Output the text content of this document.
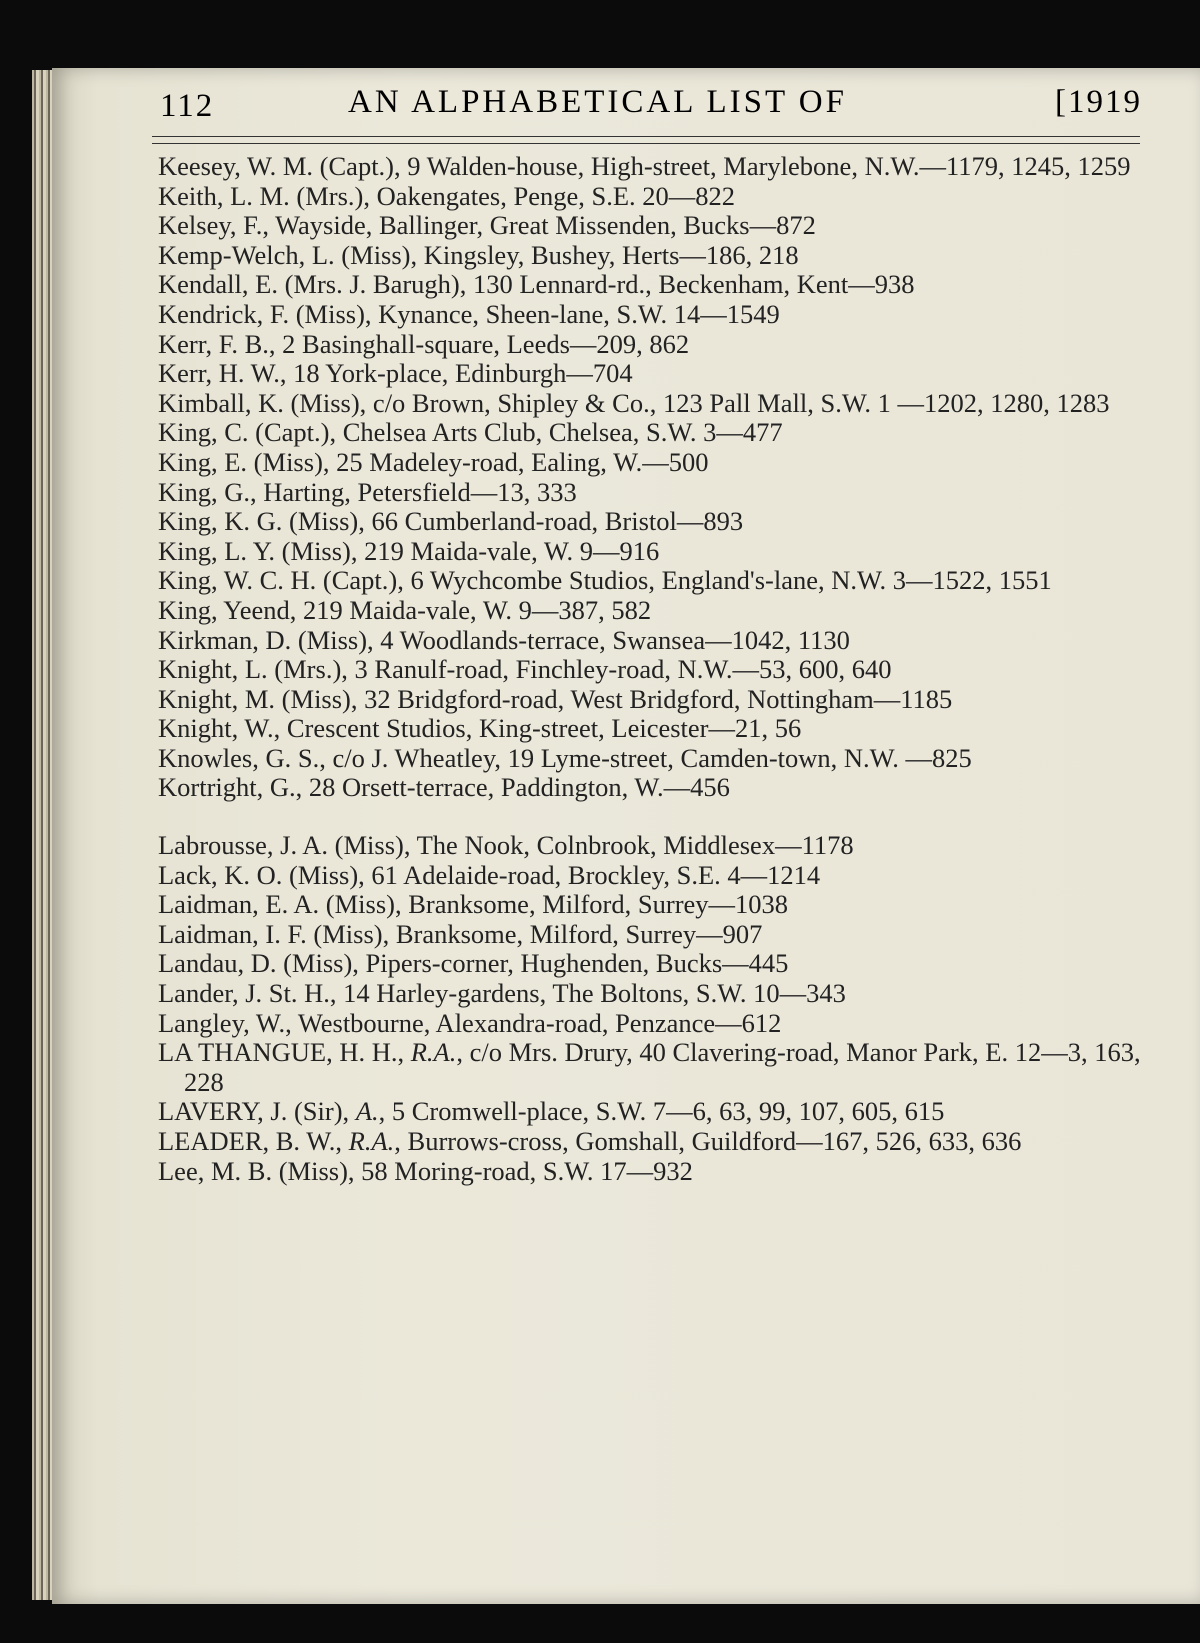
112	AN ALPHABETICAL LIST OF	[1919
Keesey, W. M. (Capt.), 9 Walden-house, High-street, Marylebone, N.W.—1179, 1245, 1259
Keith, L. M. (Mrs.), Oakengates, Penge, S.E. 20—822
Kelsey, F., Wayside, Ballinger, Great Missenden, Bucks—872
Kemp-Welch, L. (Miss), Kingsley, Bushey, Herts—186, 218
Kendall, E. (Mrs. J. Barugh), 130 Lennard-rd., Beckenham, Kent—938
Kendrick, F. (Miss), Kynance, Sheen-lane, S.W. 14—1549
Kerr, F. B., 2 Basinghall-square, Leeds—209, 862
Kerr, H. W., 18 York-place, Edinburgh—704
Kimball, K. (Miss), c/o Brown, Shipley & Co., 123 Pall Mall, S.W. 1 —1202, 1280, 1283
King, C. (Capt.), Chelsea Arts Club, Chelsea, S.W. 3—477
King, E. (Miss), 25 Madeley-road, Ealing, W.—500
King, G., Harting, Petersfield—13, 333
King, K. G. (Miss), 66 Cumberland-road, Bristol—893
King, L. Y. (Miss), 219 Maida-vale, W. 9—916
King, W. C. H. (Capt.), 6 Wychcombe Studios, England's-lane, N.W. 3—1522, 1551
King, Yeend, 219 Maida-vale, W. 9—387, 582
Kirkman, D. (Miss), 4 Woodlands-terrace, Swansea—1042, 1130
Knight, L. (Mrs.), 3 Ranulf-road, Finchley-road, N.W.—53, 600, 640
Knight, M. (Miss), 32 Bridgford-road, West Bridgford, Nottingham—1185
Knight, W., Crescent Studios, King-street, Leicester—21, 56
Knowles, G. S., c/o J. Wheatley, 19 Lyme-street, Camden-town, N.W. —825
Kortright, G., 28 Orsett-terrace, Paddington, W.—456
Labrousse, J. A. (Miss), The Nook, Colnbrook, Middlesex—1178
Lack, K. O. (Miss), 61 Adelaide-road, Brockley, S.E. 4—1214
Laidman, E. A. (Miss), Branksome, Milford, Surrey—1038
Laidman, I. F. (Miss), Branksome, Milford, Surrey—907
Landau, D. (Miss), Pipers-corner, Hughenden, Bucks—445
Lander, J. St. H., 14 Harley-gardens, The Boltons, S.W. 10—343
Langley, W., Westbourne, Alexandra-road, Penzance—612
LA THANGUE, H. H., R.A., c/o Mrs. Drury, 40 Clavering-road, Manor Park, E. 12—3, 163, 228
LAVERY, J. (Sir), A., 5 Cromwell-place, S.W. 7—6, 63, 99, 107, 605, 615
LEADER, B. W., R.A., Burrows-cross, Gomshall, Guildford—167, 526, 633, 636
Lee, M. B. (Miss), 58 Moring-road, S.W. 17—932
